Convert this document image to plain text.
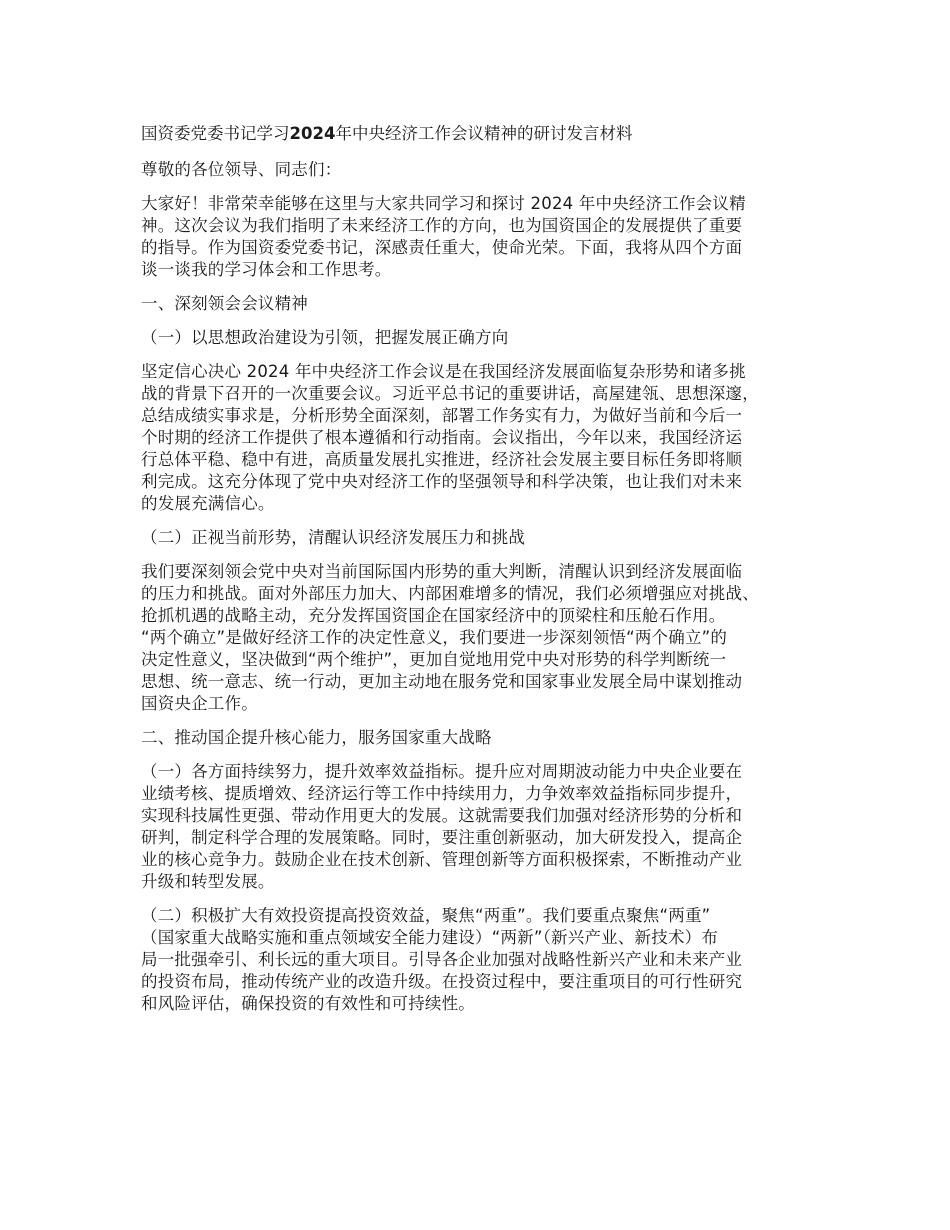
国资委党委书记学习2024年中央经济工作会议精神的研讨发言材料
尊敬的各位领导、同志们：
大家好！非常荣幸能够在这里与大家共同学习和探讨 2024 年中央经济工作会议精
神。这次会议为我们指明了未来经济工作的方向，也为国资国企的发展提供了重要
的指导。作为国资委党委书记，深感责任重大，使命光荣。下面，我将从四个方面
谈一谈我的学习体会和工作思考。
一、深刻领会会议精神
（一）以思想政治建设为引领，把握发展正确方向
坚定信心决心 2024 年中央经济工作会议是在我国经济发展面临复杂形势和诸多挑
战的背景下召开的一次重要会议。习近平总书记的重要讲话，高屋建瓴、思想深邃，
总结成绩实事求是，分析形势全面深刻，部署工作务实有力，为做好当前和今后一
个时期的经济工作提供了根本遵循和行动指南。会议指出，今年以来，我国经济运
行总体平稳、稳中有进，高质量发展扎实推进，经济社会发展主要目标任务即将顺
利完成。这充分体现了党中央对经济工作的坚强领导和科学决策，也让我们对未来
的发展充满信心。
（二）正视当前形势，清醒认识经济发展压力和挑战
我们要深刻领会党中央对当前国际国内形势的重大判断，清醒认识到经济发展面临
的压力和挑战。面对外部压力加大、内部困难增多的情况，我们必须增强应对挑战、
抢抓机遇的战略主动，充分发挥国资国企在国家经济中的顶梁柱和压舱石作用。
“两个确立”是做好经济工作的决定性意义，我们要进一步深刻领悟“两个确立”的
决定性意义，坚决做到“两个维护”，更加自觉地用党中央对形势的科学判断统一
思想、统一意志、统一行动，更加主动地在服务党和国家事业发展全局中谋划推动
国资央企工作。
二、推动国企提升核心能力，服务国家重大战略
（一）各方面持续努力，提升效率效益指标。提升应对周期波动能力中央企业要在
业绩考核、提质增效、经济运行等工作中持续用力，力争效率效益指标同步提升，
实现科技属性更强、带动作用更大的发展。这就需要我们加强对经济形势的分析和
研判，制定科学合理的发展策略。同时，要注重创新驱动，加大研发投入，提高企
业的核心竞争力。鼓励企业在技术创新、管理创新等方面积极探索，不断推动产业
升级和转型发展。
（二）积极扩大有效投资提高投资效益，聚焦“两重”。我们要重点聚焦“两重”
（国家重大战略实施和重点领域安全能力建设）“两新”（新兴产业、新技术）布
局一批强牵引、利长远的重大项目。引导各企业加强对战略性新兴产业和未来产业
的投资布局，推动传统产业的改造升级。在投资过程中，要注重项目的可行性研究
和风险评估，确保投资的有效性和可持续性。
